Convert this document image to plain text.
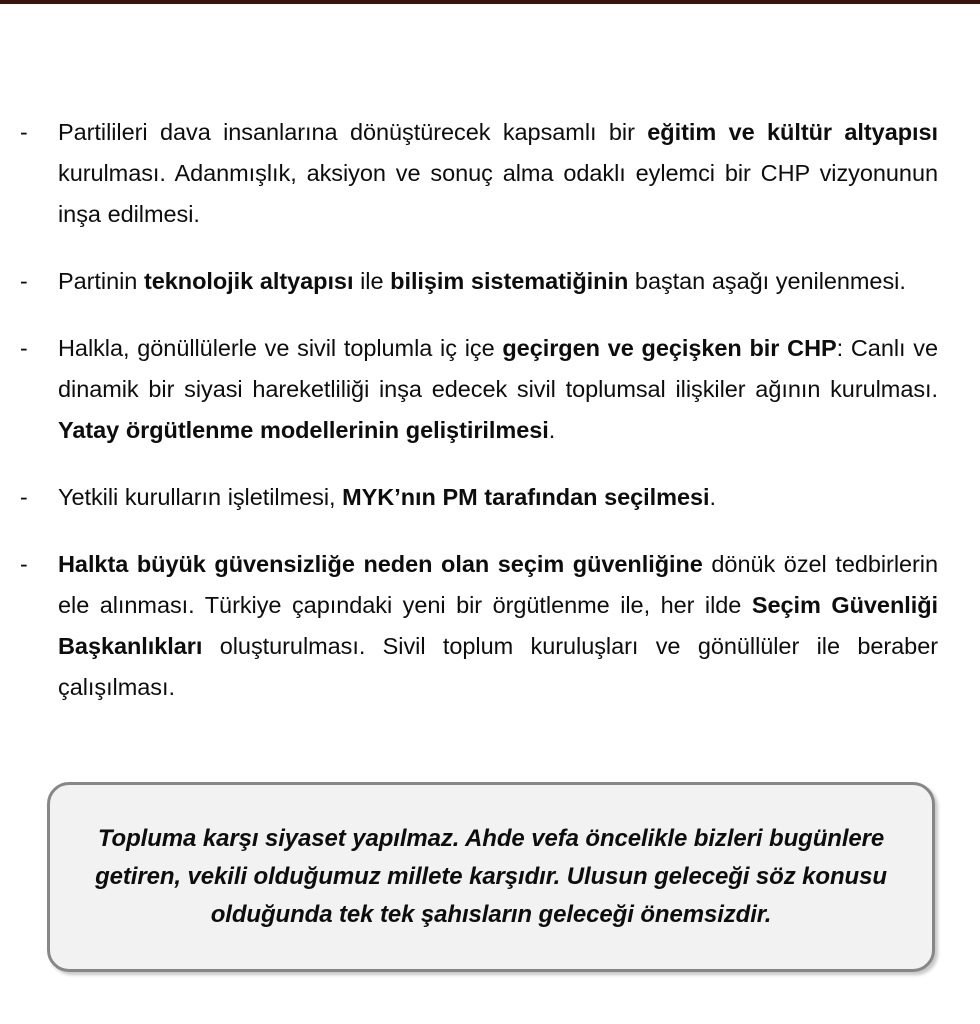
-	Partilileri dava insanlarına dönüştürecek kapsamlı bir eğitim ve kültür altyapısı kurulması. Adanmışlık, aksiyon ve sonuç alma odaklı eylemci bir CHP vizyonunun inşa edilmesi.
-	Partinin teknolojik altyapısı ile bilişim sistematiğinin baştan aşağı yenilenmesi.
-	Halkla, gönüllülerle ve sivil toplumla iç içe geçirgen ve geçişken bir CHP: Canlı ve dinamik bir siyasi hareketliliği inşa edecek sivil toplumsal ilişkiler ağının kurulması. Yatay örgütlenme modellerinin geliştirilmesi.
-	Yetkili kurulların işletilmesi, MYK’nın PM tarafından seçilmesi.
-	Halkta büyük güvensizliğe neden olan seçim güvenliğine dönük özel tedbirlerin ele alınması. Türkiye çapındaki yeni bir örgütlenme ile, her ilde Seçim Güvenliği Başkanlıkları oluşturulması. Sivil toplum kuruluşları ve gönüllüler ile beraber çalışılması.

Topluma karşı siyaset yapılmaz. Ahde vefa öncelikle bizleri bugünlere getiren, vekili olduğumuz millete karşıdır. Ulusun geleceği söz konusu olduğunda tek tek şahısların geleceği önemsizdir.
